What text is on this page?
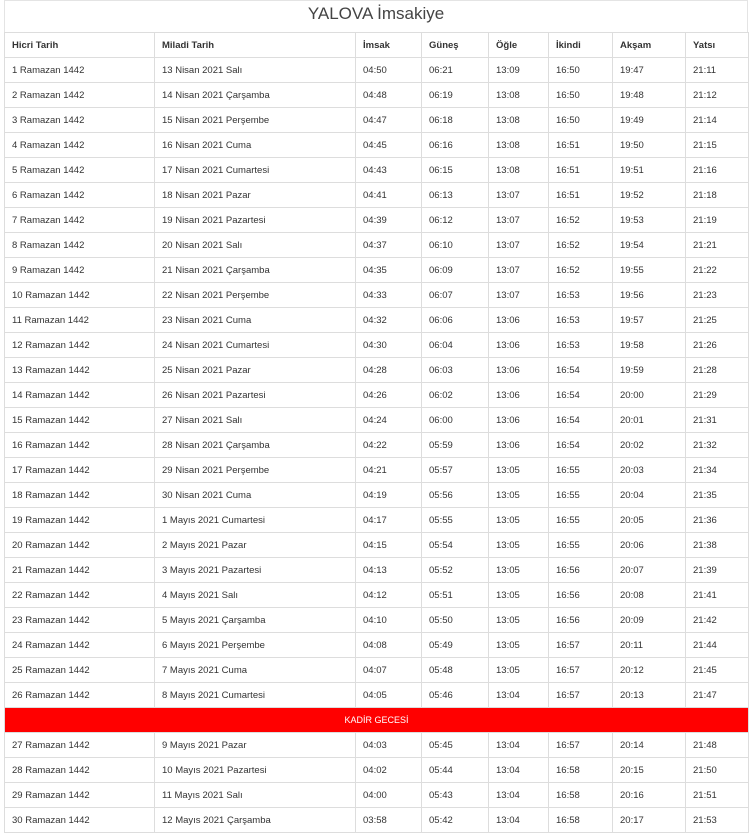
YALOVA İmsakiye
Hicri Tarih	Miladi Tarih	İmsak	Güneş	Öğle	İkindi	Akşam	Yatsı
1 Ramazan 1442	13 Nisan 2021 Salı	04:50	06:21	13:09	16:50	19:47	21:11
2 Ramazan 1442	14 Nisan 2021 Çarşamba	04:48	06:19	13:08	16:50	19:48	21:12
3 Ramazan 1442	15 Nisan 2021 Perşembe	04:47	06:18	13:08	16:50	19:49	21:14
4 Ramazan 1442	16 Nisan 2021 Cuma	04:45	06:16	13:08	16:51	19:50	21:15
5 Ramazan 1442	17 Nisan 2021 Cumartesi	04:43	06:15	13:08	16:51	19:51	21:16
6 Ramazan 1442	18 Nisan 2021 Pazar	04:41	06:13	13:07	16:51	19:52	21:18
7 Ramazan 1442	19 Nisan 2021 Pazartesi	04:39	06:12	13:07	16:52	19:53	21:19
8 Ramazan 1442	20 Nisan 2021 Salı	04:37	06:10	13:07	16:52	19:54	21:21
9 Ramazan 1442	21 Nisan 2021 Çarşamba	04:35	06:09	13:07	16:52	19:55	21:22
10 Ramazan 1442	22 Nisan 2021 Perşembe	04:33	06:07	13:07	16:53	19:56	21:23
11 Ramazan 1442	23 Nisan 2021 Cuma	04:32	06:06	13:06	16:53	19:57	21:25
12 Ramazan 1442	24 Nisan 2021 Cumartesi	04:30	06:04	13:06	16:53	19:58	21:26
13 Ramazan 1442	25 Nisan 2021 Pazar	04:28	06:03	13:06	16:54	19:59	21:28
14 Ramazan 1442	26 Nisan 2021 Pazartesi	04:26	06:02	13:06	16:54	20:00	21:29
15 Ramazan 1442	27 Nisan 2021 Salı	04:24	06:00	13:06	16:54	20:01	21:31
16 Ramazan 1442	28 Nisan 2021 Çarşamba	04:22	05:59	13:06	16:54	20:02	21:32
17 Ramazan 1442	29 Nisan 2021 Perşembe	04:21	05:57	13:05	16:55	20:03	21:34
18 Ramazan 1442	30 Nisan 2021 Cuma	04:19	05:56	13:05	16:55	20:04	21:35
19 Ramazan 1442	1 Mayıs 2021 Cumartesi	04:17	05:55	13:05	16:55	20:05	21:36
20 Ramazan 1442	2 Mayıs 2021 Pazar	04:15	05:54	13:05	16:55	20:06	21:38
21 Ramazan 1442	3 Mayıs 2021 Pazartesi	04:13	05:52	13:05	16:56	20:07	21:39
22 Ramazan 1442	4 Mayıs 2021 Salı	04:12	05:51	13:05	16:56	20:08	21:41
23 Ramazan 1442	5 Mayıs 2021 Çarşamba	04:10	05:50	13:05	16:56	20:09	21:42
24 Ramazan 1442	6 Mayıs 2021 Perşembe	04:08	05:49	13:05	16:57	20:11	21:44
25 Ramazan 1442	7 Mayıs 2021 Cuma	04:07	05:48	13:05	16:57	20:12	21:45
26 Ramazan 1442	8 Mayıs 2021 Cumartesi	04:05	05:46	13:04	16:57	20:13	21:47
KADİR GECESİ							
27 Ramazan 1442	9 Mayıs 2021 Pazar	04:03	05:45	13:04	16:57	20:14	21:48
28 Ramazan 1442	10 Mayıs 2021 Pazartesi	04:02	05:44	13:04	16:58	20:15	21:50
29 Ramazan 1442	11 Mayıs 2021 Salı	04:00	05:43	13:04	16:58	20:16	21:51
30 Ramazan 1442	12 Mayıs 2021 Çarşamba	03:58	05:42	13:04	16:58	20:17	21:53
